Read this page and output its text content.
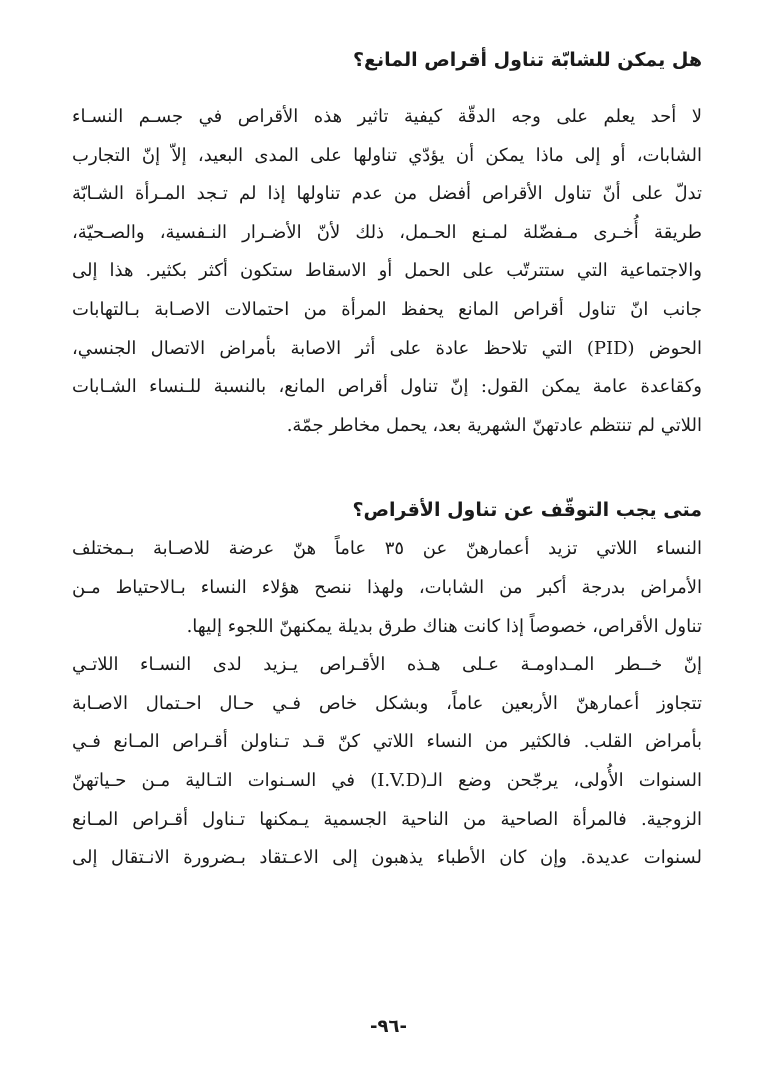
هل يمكن للشابّة تناول أقراص المانع؟

لا أحد يعلم على وجه الدقّة كيفية تاثير هذه الأقراص في جسـم النسـاء
الشابات، أو إلى ماذا يمكن أن يؤدّي تناولها على المدى البعيد، إلاّ إنّ التجارب
تدلّ على أنّ تناول الأقراص أفضل من عدم تناولها إذا لم تـجد المـرأة الشـابّة
طريقة أُخـرى مـفضّلة لمـنع الحـمل، ذلك لأنّ الأضـرار النـفسية، والصـحيّة،
والاجتماعية التي ستترتّب على الحمل أو الاسقاط ستكون أكثر بكثير. هذا إلى
جانب انّ تناول أقراص المانع يحفظ المرأة من احتمالات الاصـابة بـالتهابات
الحوض (PID) التي تلاحظ عادة على أثر الاصابة بأمراض الاتصال الجنسي،
وكقاعدة عامة يمكن القول: إنّ تناول أقراص المانع، بالنسبة للـنساء الشـابات
اللاتي لم تنتظم عادتهنّ الشهرية بعد، يحمل مخاطر جمّة.

متى يجب التوقّف عن تناول الأقراص؟

النساء اللاتي تزيد أعمارهنّ عن ٣٥ عاماً هنّ عرضة للاصـابة بـمختلف
الأمراض بدرجة أكبر من الشابات، ولهذا ننصح هؤلاء النساء بـالاحتياط مـن
تناول الأقراص، خصوصاً إذا كانت هناك طرق بديلة يمكنهنّ اللجوء إليها.

إنّ خــطر المـداومـة عـلى هـذه الأقـراص يـزيد لدى النسـاء اللاتـي
تتجاوز أعمارهنّ الأربعين عاماً، وبشكل خاص فـي حـال احـتمال الاصـابة
بأمراض القلب. فالكثير من النساء اللاتي كنّ قـد تـناولن أقـراص المـانع فـي
السنوات الأُولى، يرجّحن وضع الـ(I.V.D) في السـنوات التـالية مـن حـياتهنّ
الزوجية. فالمرأة الصاحية من الناحية الجسمية يـمكنها تـناول أقـراص المـانع
لسنوات عديدة. وإن كان الأطباء يذهبون إلى الاعـتقاد بـضرورة الانـتقال إلى

-٩٦-
